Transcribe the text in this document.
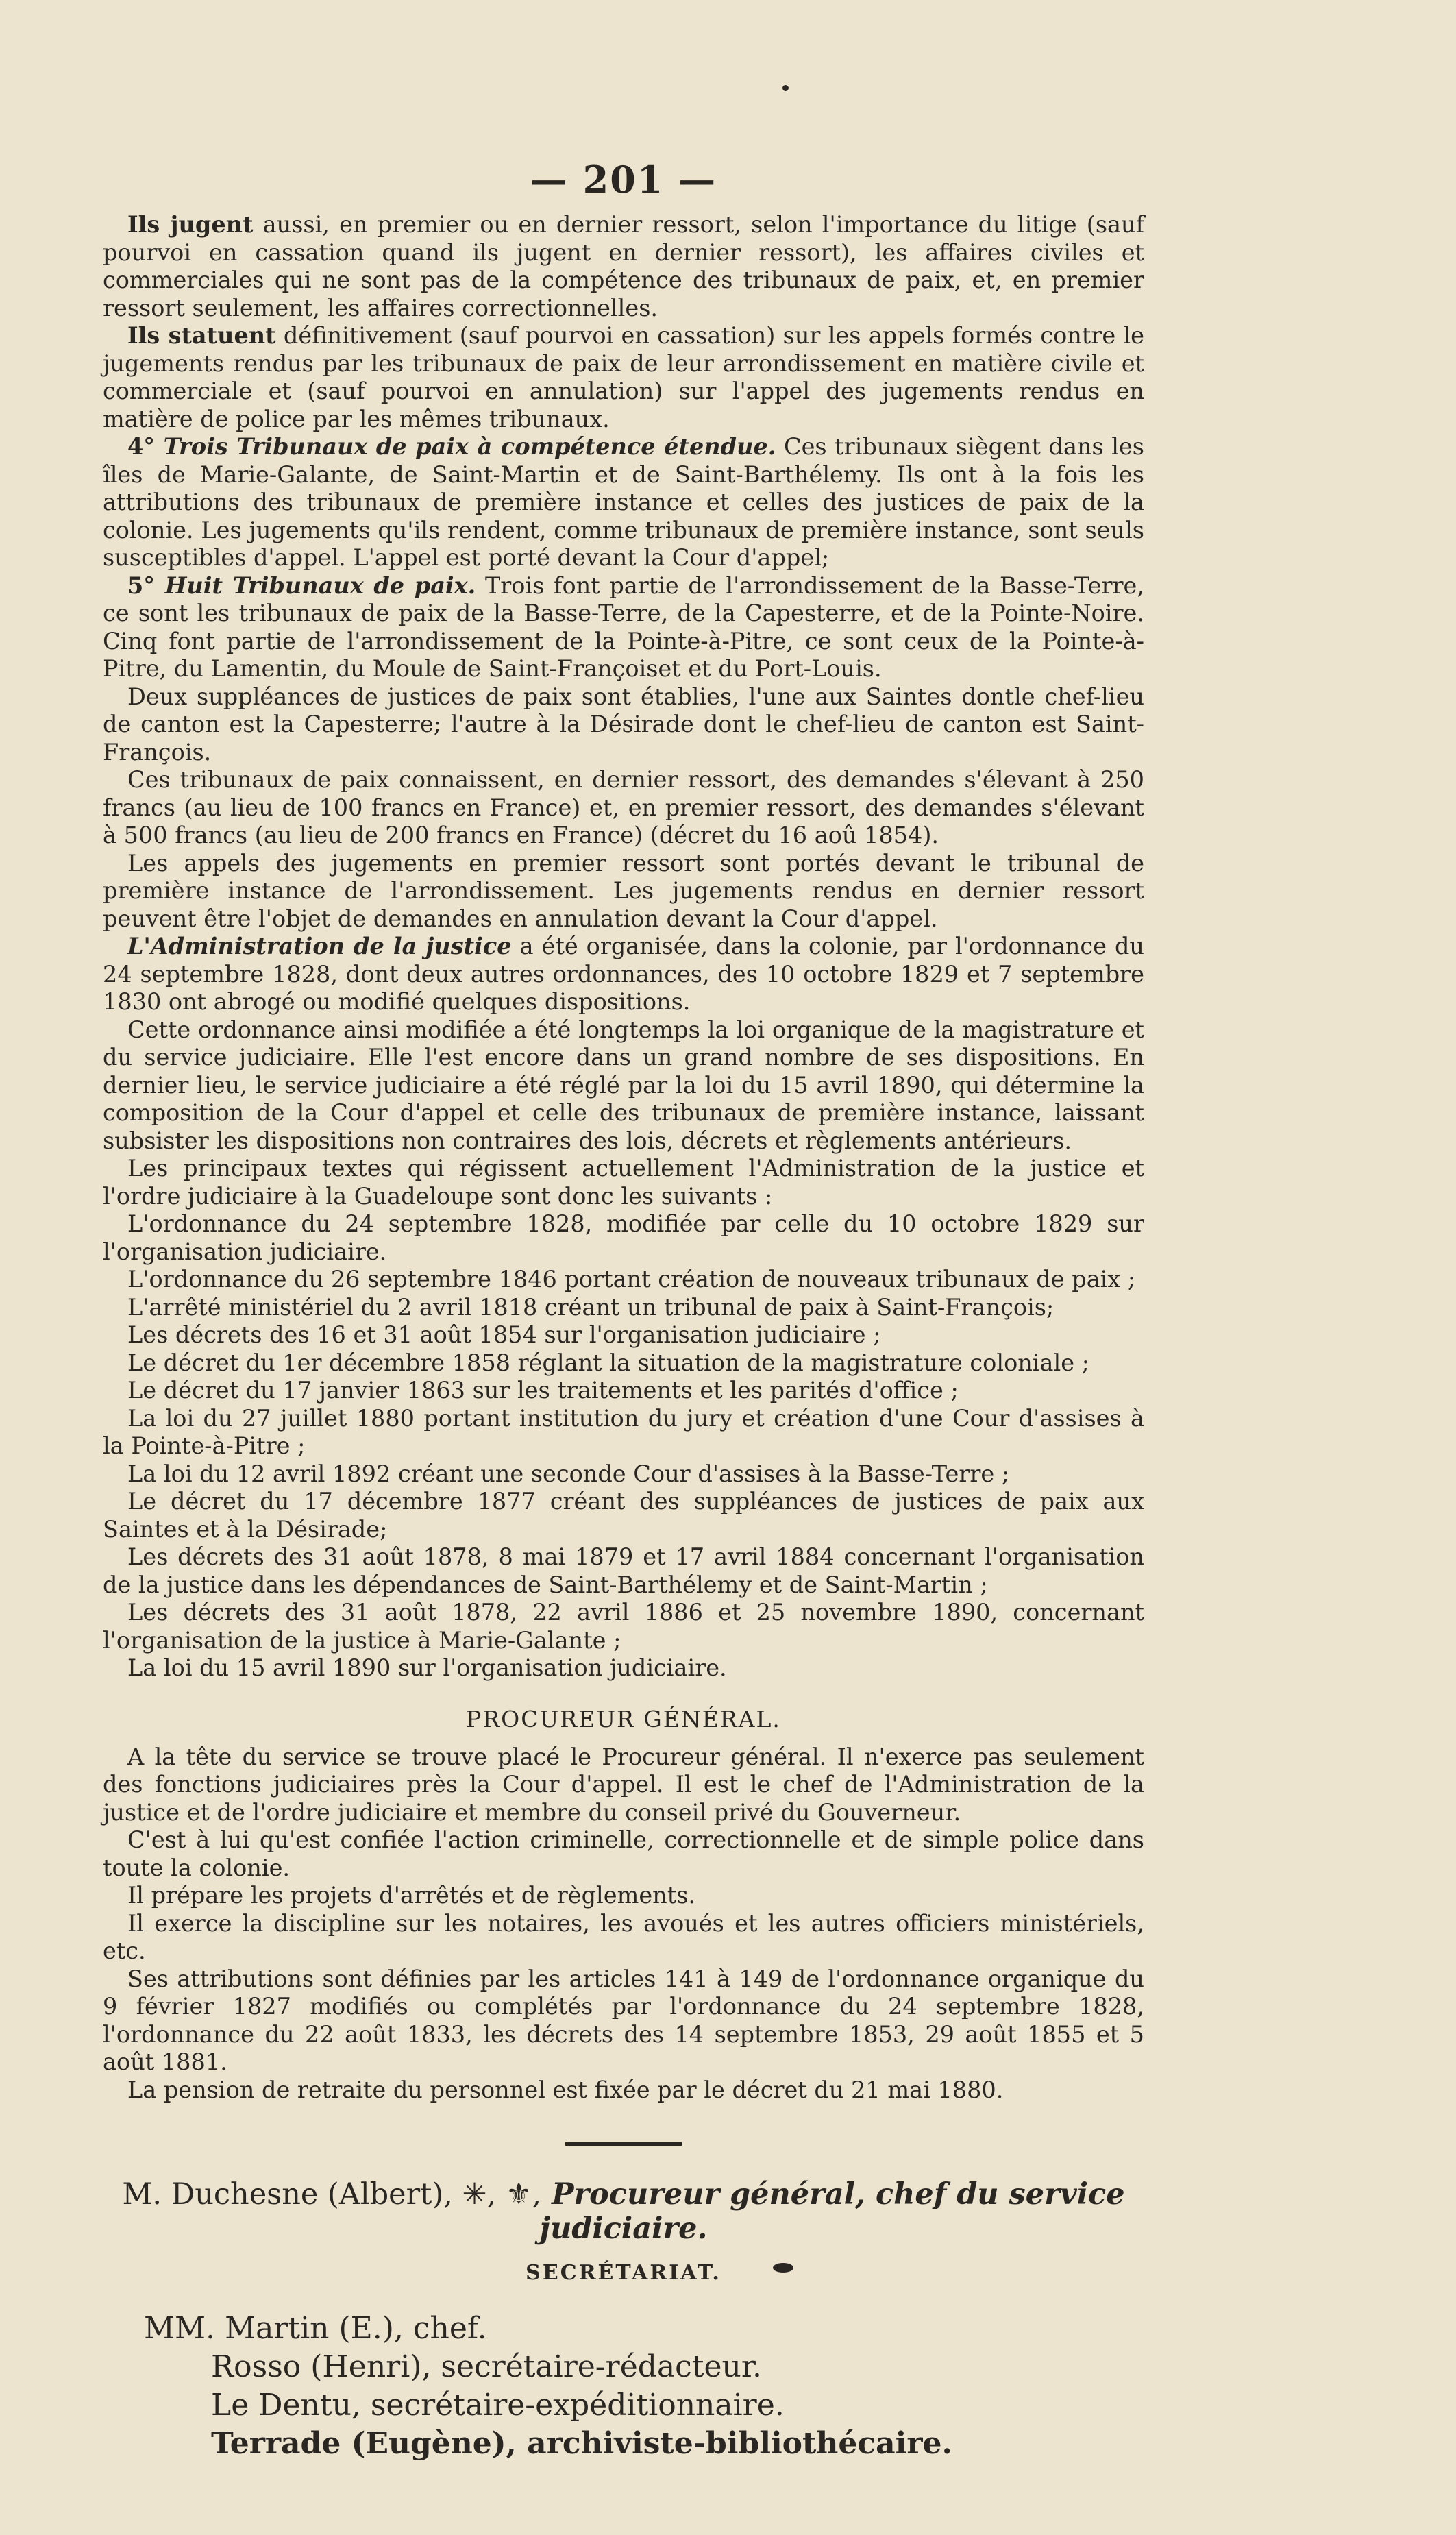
— 201 —

Ils jugent aussi, en premier ou en dernier ressort, selon l'importance du litige (sauf pourvoi en cassation quand ils jugent en dernier ressort), les affaires civiles et commerciales qui ne sont pas de la compétence des tribunaux de paix, et, en premier ressort seulement, les affaires correctionnelles.

Ils statuent définitivement (sauf pourvoi en cassation) sur les appels formés contre le jugements rendus par les tribunaux de paix de leur arrondissement en matière civile et commerciale et (sauf pourvoi en annulation) sur l'appel des jugements rendus en matière de police par les mêmes tribunaux.

4° Trois Tribunaux de paix à compétence étendue. Ces tribunaux siègent dans les îles de Marie-Galante, de Saint-Martin et de Saint-Barthélemy. Ils ont à la fois les attributions des tribunaux de première instance et celles des justices de paix de la colonie. Les jugements qu'ils rendent, comme tribunaux de première instance, sont seuls susceptibles d'appel. L'appel est porté devant la Cour d'appel;

5° Huit Tribunaux de paix. Trois font partie de l'arrondissement de la Basse-Terre, ce sont les tribunaux de paix de la Basse-Terre, de la Capesterre, et de la Pointe-Noire. Cinq font partie de l'arrondissement de la Pointe-à-Pitre, ce sont ceux de la Pointe-à-Pitre, du Lamentin, du Moule de Saint-Françoiset et du Port-Louis.

Deux suppléances de justices de paix sont établies, l'une aux Saintes dontle chef-lieu de canton est la Capesterre; l'autre à la Désirade dont le chef-lieu de canton est Saint-François.

Ces tribunaux de paix connaissent, en dernier ressort, des demandes s'élevant à 250 francs (au lieu de 100 francs en France) et, en premier ressort, des demandes s'élevant à 500 francs (au lieu de 200 francs en France) (décret du 16 aoû 1854).

Les appels des jugements en premier ressort sont portés devant le tribunal de première instance de l'arrondissement. Les jugements rendus en dernier ressort peuvent être l'objet de demandes en annulation devant la Cour d'appel.

L'Administration de la justice a été organisée, dans la colonie, par l'ordonnance du 24 septembre 1828, dont deux autres ordonnances, des 10 octobre 1829 et 7 septembre 1830 ont abrogé ou modifié quelques dispositions.

Cette ordonnance ainsi modifiée a été longtemps la loi organique de la magistrature et du service judiciaire. Elle l'est encore dans un grand nombre de ses dispositions. En dernier lieu, le service judiciaire a été réglé par la loi du 15 avril 1890, qui détermine la composition de la Cour d'appel et celle des tribunaux de première instance, laissant subsister les dispositions non contraires des lois, décrets et règlements antérieurs.

Les principaux textes qui régissent actuellement l'Administration de la justice et l'ordre judiciaire à la Guadeloupe sont donc les suivants :

L'ordonnance du 24 septembre 1828, modifiée par celle du 10 octobre 1829 sur l'organisation judiciaire.

L'ordonnance du 26 septembre 1846 portant création de nouveaux tribunaux de paix ;

L'arrêté ministériel du 2 avril 1818 créant un tribunal de paix à Saint-François;

Les décrets des 16 et 31 août 1854 sur l'organisation judiciaire ;

Le décret du 1er décembre 1858 réglant la situation de la magistrature coloniale ;

Le décret du 17 janvier 1863 sur les traitements et les parités d'office ;

La loi du 27 juillet 1880 portant institution du jury et création d'une Cour d'assises à la Pointe-à-Pitre ;

La loi du 12 avril 1892 créant une seconde Cour d'assises à la Basse-Terre ;

Le décret du 17 décembre 1877 créant des suppléances de justices de paix aux Saintes et à la Désirade;

Les décrets des 31 août 1878, 8 mai 1879 et 17 avril 1884 concernant l'organisation de la justice dans les dépendances de Saint-Barthélemy et de Saint-Martin ;

Les décrets des 31 août 1878, 22 avril 1886 et 25 novembre 1890, concernant l'organisation de la justice à Marie-Galante ;

La loi du 15 avril 1890 sur l'organisation judiciaire.

PROCUREUR GÉNÉRAL.

A la tête du service se trouve placé le Procureur général. Il n'exerce pas seulement des fonctions judiciaires près la Cour d'appel. Il est le chef de l'Administration de la justice et de l'ordre judiciaire et membre du conseil privé du Gouverneur.

C'est à lui qu'est confiée l'action criminelle, correctionnelle et de simple police dans toute la colonie.

Il prépare les projets d'arrêtés et de règlements.

Il exerce la discipline sur les notaires, les avoués et les autres officiers ministériels, etc.

Ses attributions sont définies par les articles 141 à 149 de l'ordonnance organique du 9 février 1827 modifiés ou complétés par l'ordonnance du 24 septembre 1828, l'ordonnance du 22 août 1833, les décrets des 14 septembre 1853, 29 août 1855 et 5 août 1881.

La pension de retraite du personnel est fixée par le décret du 21 mai 1880.

M. Duchesne (Albert), ✳, ⚜, Procureur général, chef du service judiciaire.
SECRÉTARIAT.
MM. Martin (E.), chef.
Rosso (Henri), secrétaire-rédacteur.
Le Dentu, secrétaire-expéditionnaire.
Terrade (Eugène), archiviste-bibliothécaire.
